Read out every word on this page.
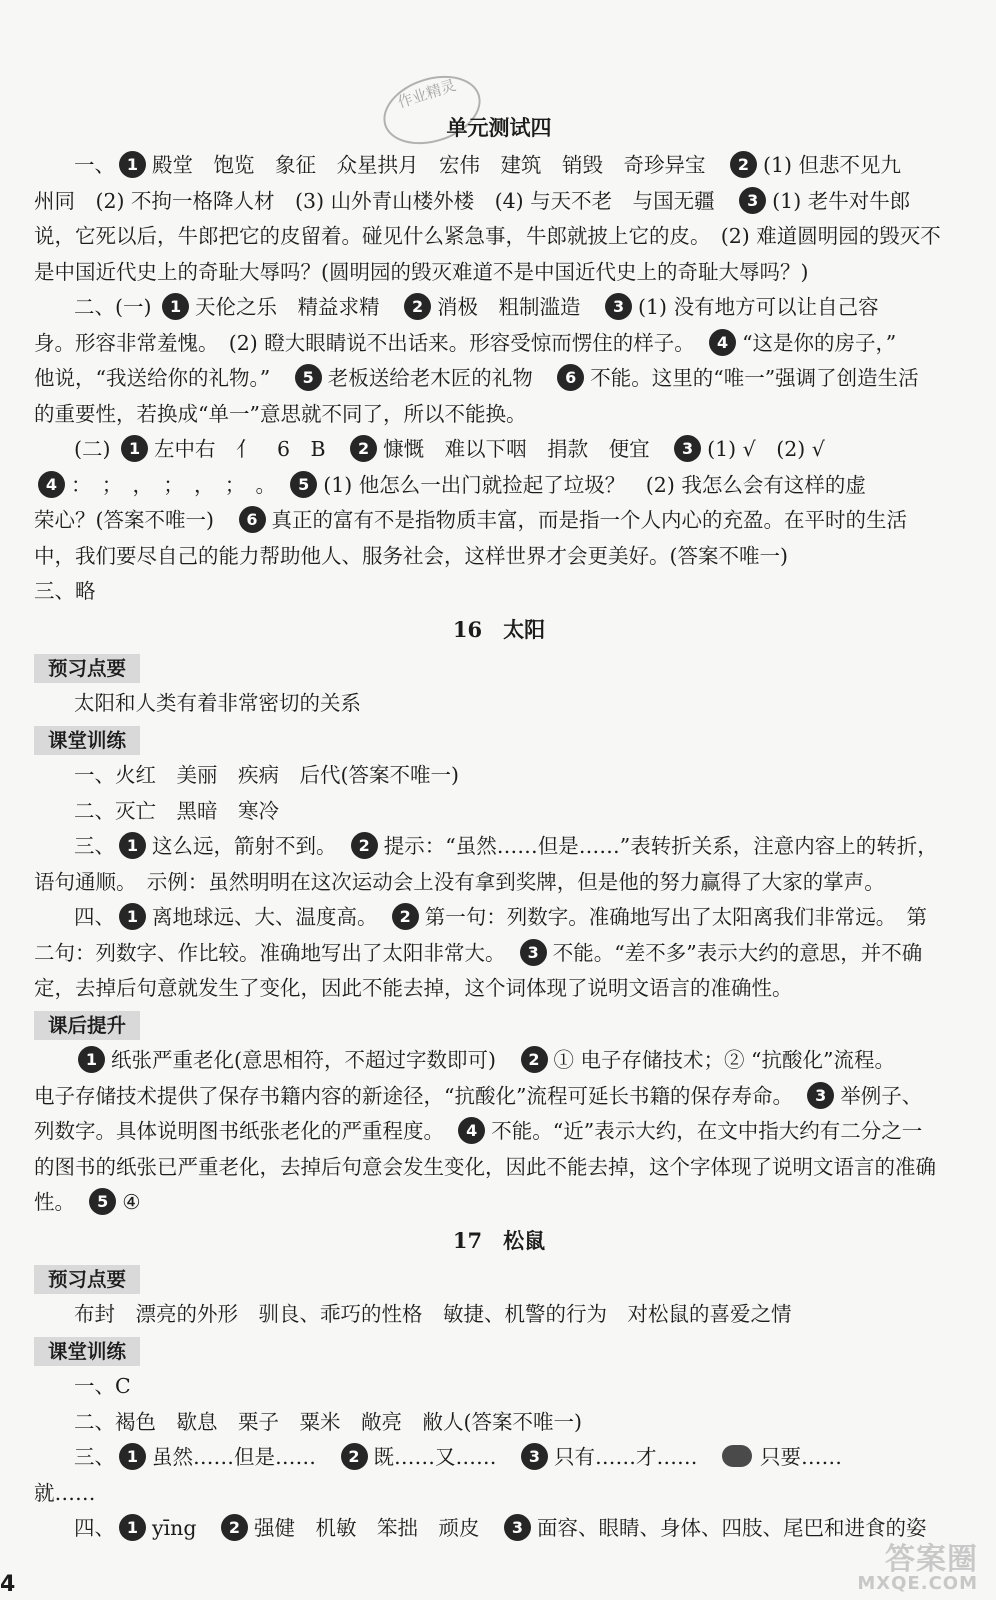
作业精灵
单元测试四
一、 1 殿堂　饱览　象征　众星拱月　宏伟　建筑　销毁　奇珍异宝　2 (1) 但悲不见九
州同　(2) 不拘一格降人材　(3) 山外青山楼外楼　(4) 与天不老　与国无疆　3 (1) 老牛对牛郎
说，它死以后，牛郎把它的皮留着。碰见什么紧急事，牛郎就披上它的皮。　(2) 难道圆明园的毁灭不
是中国近代史上的奇耻大辱吗？(圆明园的毁灭难道不是中国近代史上的奇耻大辱吗？)
二、(一) 1 天伦之乐　精益求精　2 消极　粗制滥造　3 (1) 没有地方可以让自己容
身。形容非常羞愧。　(2) 瞪大眼睛说不出话来。形容受惊而愣住的样子。　4 “这是你的房子，”
他说，“我送给你的礼物。”　5 老板送给老木匠的礼物　6 不能。这里的“唯一”强调了创造生活
的重要性，若换成“单一”意思就不同了，所以不能换。
(二) 1 左中右　亻　6　B　2 慷慨　难以下咽　捐款　便宜　3 (1) √　(2) √
4 ：　；　，　；　，　；　。　5 (1) 他怎么一出门就捡起了垃圾？　(2) 我怎么会有这样的虚
荣心？(答案不唯一)　6 真正的富有不是指物质丰富，而是指一个人内心的充盈。在平时的生活
中，我们要尽自己的能力帮助他人、服务社会，这样世界才会更美好。(答案不唯一)
三、略
16　太阳
预习点要
太阳和人类有着非常密切的关系
课堂训练
一、火红　美丽　疾病　后代(答案不唯一)
二、灭亡　黑暗　寒冷
三、 1 这么远，箭射不到。　2 提示：“虽然……但是……”表转折关系，注意内容上的转折，
语句通顺。　示例：虽然明明在这次运动会上没有拿到奖牌，但是他的努力赢得了大家的掌声。
四、 1 离地球远、大、温度高。　2 第一句：列数字。准确地写出了太阳离我们非常远。　第
二句：列数字、作比较。准确地写出了太阳非常大。　3 不能。“差不多”表示大约的意思，并不确
定，去掉后句意就发生了变化，因此不能去掉，这个词体现了说明文语言的准确性。
课后提升
1 纸张严重老化(意思相符，不超过字数即可)　2 ① 电子存储技术；② “抗酸化”流程。
电子存储技术提供了保存书籍内容的新途径，“抗酸化”流程可延长书籍的保存寿命。　3 举例子、
列数字。具体说明图书纸张老化的严重程度。　4 不能。“近”表示大约，在文中指大约有二分之一
的图书的纸张已严重老化，去掉后句意会发生变化，因此不能去掉，这个字体现了说明文语言的准确
性。　5 ④
17　松鼠
预习点要
布封　漂亮的外形　驯良、乖巧的性格　敏捷、机警的行为　对松鼠的喜爱之情
课堂训练
一、C
二、褐色　歇息　栗子　粟米　敞亮　敝人(答案不唯一)
三、 1 虽然……但是……　2 既……又……　3 只有……才……　只要……
就……
四、 1 yīng　2 强健　机敏　笨拙　顽皮　3 面容、眼睛、身体、四肢、尾巴和进食的姿
4
答案圈
MXQE.COM
